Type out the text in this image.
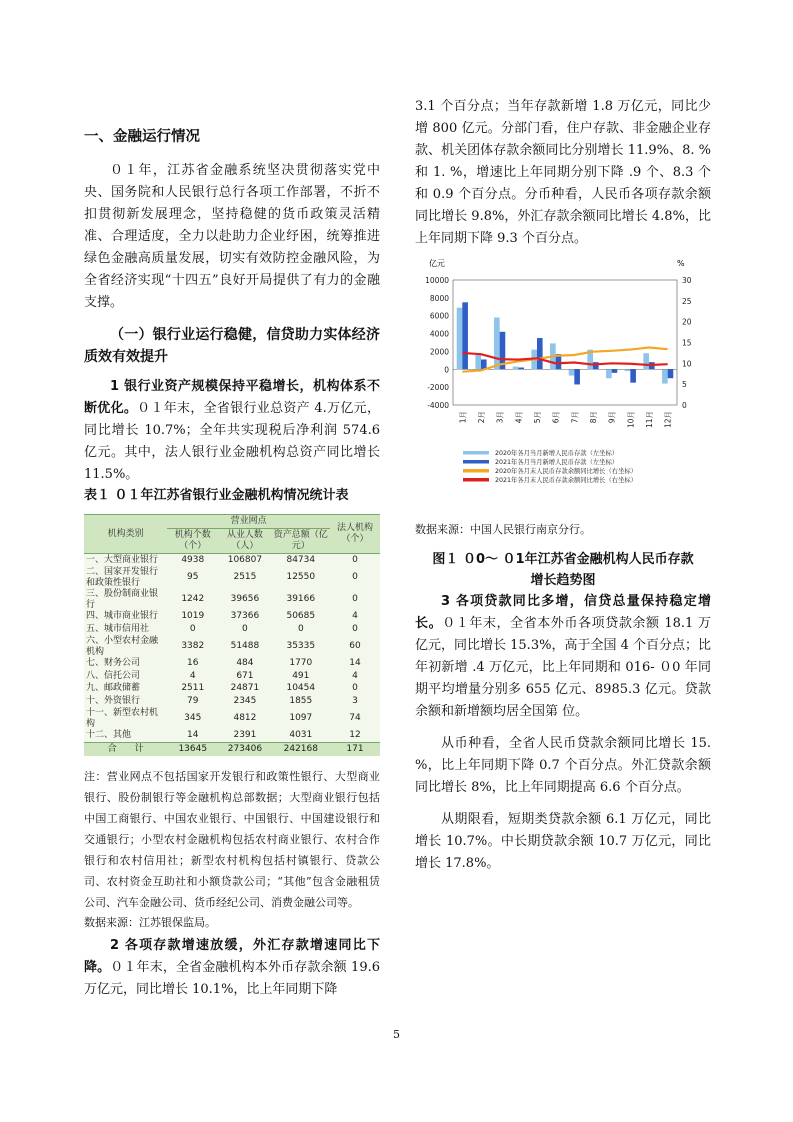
一、金融运行情况

０１年，江苏省金融系统坚决贯彻落实党中央、国务院和人民银行总行各项工作部署，不折不扣贯彻新发展理念，坚持稳健的货币政策灵活精准、合理适度，全力以赴助力企业纾困，统筹推进绿色金融高质量发展，切实有效防控金融风险，为全省经济实现“十四五”良好开局提供了有力的金融支撑。

（一）银行业运行稳健，信贷助力实体经济质效有效提升

1 银行业资产规模保持平稳增长，机构体系不断优化。０１年末，全省银行业总资产 4.万亿元，同比增长 10.7%；全年共实现税后净利润 574.6 亿元。其中，法人银行业金融机构总资产同比增长 11.5%。

表１ ０１年江苏省银行业金融机构情况统计表

机构类别	营业网点			法人机构（个）
	机构个数（个）	从业人数（人）	资产总额（亿元）	
一、大型商业银行	4938	106807	84734	0
二、国家开发银行和政策性银行	95	2515	12550	0
三、股份制商业银行	1242	39656	39166	0
四、城市商业银行	1019	37366	50685	4
五、城市信用社	0	0	0	0
六、小型农村金融机构	3382	51488	35335	60
七、财务公司	16	484	1770	14
八、信托公司	4	671	491	4
九、邮政储蓄	2511	24871	10454	0
十、外资银行	79	2345	1855	3
十一、新型农村机构	345	4812	1097	74
十二、其他	14	2391	4031	12
合　　计	13645	273406	242168	171

注：营业网点不包括国家开发银行和政策性银行、大型商业银行、股份制银行等金融机构总部数据；大型商业银行包括中国工商银行、中国农业银行、中国银行、中国建设银行和交通银行；小型农村金融机构包括农村商业银行、农村合作银行和农村信用社；新型农村机构包括村镇银行、贷款公司、农村资金互助社和小额贷款公司；“其他”包含金融租赁公司、汽车金融公司、货币经纪公司、消费金融公司等。

数据来源：江苏银保监局。

2 各项存款增速放缓，外汇存款增速同比下降。０１年末，全省金融机构本外币存款余额 19.6 万亿元，同比增长 10.1%，比上年同期下降

3.1 个百分点；当年存款新增 1.8 万亿元，同比少增 800 亿元。分部门看，住户存款、非金融企业存款、机关团体存款余额同比分别增长 11.9%、8. %和 1. %，增速比上年同期分别下降 .9 个、8.3 个和 0.9 个百分点。分币种看，人民币各项存款余额同比增长 9.8%，外汇存款余额同比增长 4.8%，比上年同期下降 9.3 个百分点。

亿元	%
10000
8000
6000
4000
2000
0
-2000
-4000
30
25
20
15
10
5
0
1月 2月 3月 4月 5月 6月 7月 8月 9月 10月 11月 12月
2020年各月当月新增人民币存款（左坐标）
2021年各月当月新增人民币存款（左坐标）
2020年各月末人民币存款余额同比增长（右坐标）
2021年各月末人民币存款余额同比增长（右坐标）

数据来源：中国人民银行南京分行。

图１ ０0～ ０1年江苏省金融机构人民币存款

增长趋势图

3 各项贷款同比多增，信贷总量保持稳定增长。０１年末，全省本外币各项贷款余额 18.1 万亿元，同比增长 15.3%，高于全国 4 个百分点；比年初新增 .4 万亿元，比上年同期和 016- ０0 年同期平均增量分别多 655 亿元、8985.3 亿元。贷款余额和新增额均居全国第 位。

从币种看，全省人民币贷款余额同比增长 15. %，比上年同期下降 0.7 个百分点。外汇贷款余额同比增长 8%，比上年同期提高 6.6 个百分点。

从期限看，短期类贷款余额 6.1 万亿元，同比增长 10.7%。中长期贷款余额 10.7 万亿元，同比增长 17.8%。

5
